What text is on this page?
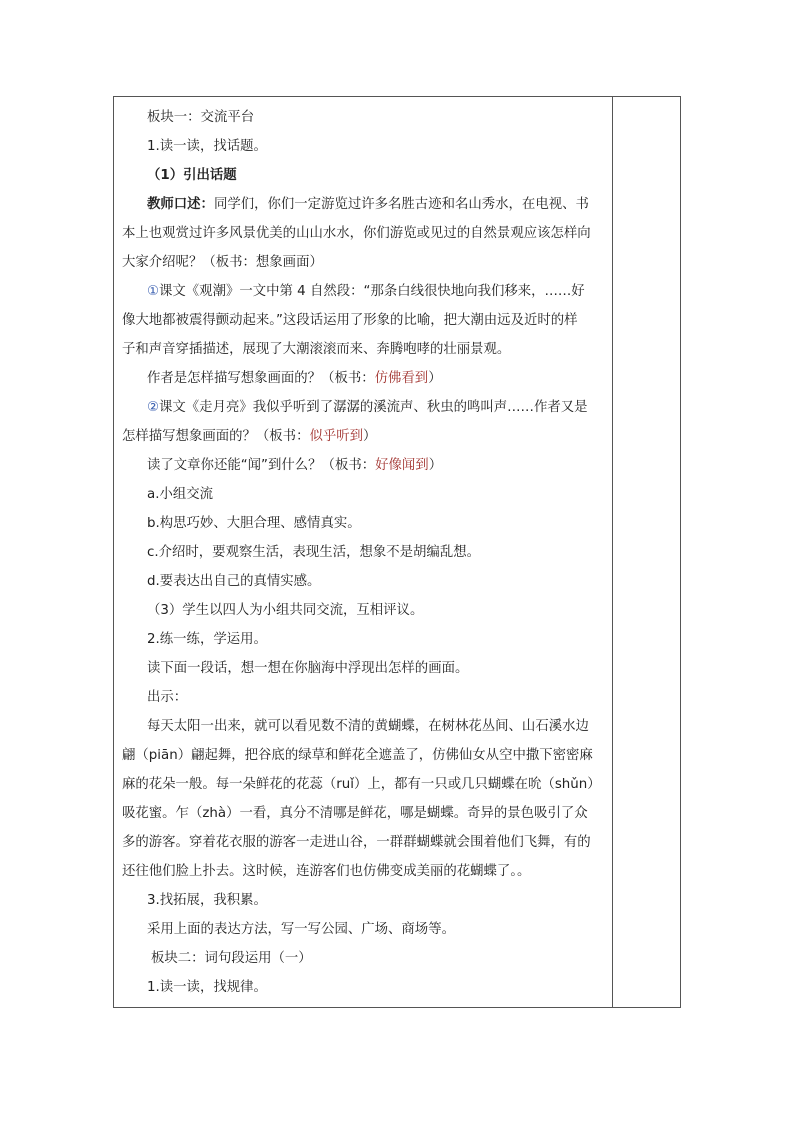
板块一：交流平台
1.读一读，找话题。
（1）引出话题
教师口述：同学们，你们一定游览过许多名胜古迹和名山秀水，在电视、书
本上也观赏过许多风景优美的山山水水，你们游览或见过的自然景观应该怎样向
大家介绍呢？（板书：想象画面）
①课文《观潮》一文中第 4 自然段：“那条白线很快地向我们移来，……好
像大地都被震得颤动起来。”这段话运用了形象的比喻，把大潮由远及近时的样
子和声音穿插描述，展现了大潮滚滚而来、奔腾咆哮的壮丽景观。
作者是怎样描写想象画面的？（板书：仿佛看到）
②课文《走月亮》我似乎听到了潺潺的溪流声、秋虫的鸣叫声……作者又是
怎样描写想象画面的？（板书：似乎听到）
读了文章你还能“闻”到什么？（板书：好像闻到）
a.小组交流
b.构思巧妙、大胆合理、感情真实。
c.介绍时，要观察生活，表现生活，想象不是胡编乱想。
d.要表达出自己的真情实感。
（3）学生以四人为小组共同交流，互相评议。
2.练一练，学运用。
读下面一段话，想一想在你脑海中浮现出怎样的画面。
出示：
每天太阳一出来，就可以看见数不清的黄蝴蝶，在树林花丛间、山石溪水边
翩（piān）翩起舞，把谷底的绿草和鲜花全遮盖了，仿佛仙女从空中撒下密密麻
麻的花朵一般。每一朵鲜花的花蕊（ruǐ）上，都有一只或几只蝴蝶在吮（shǔn）
吸花蜜。乍（zhà）一看，真分不清哪是鲜花，哪是蝴蝶。奇异的景色吸引了众
多的游客。穿着花衣服的游客一走进山谷，一群群蝴蝶就会围着他们飞舞，有的
还往他们脸上扑去。这时候，连游客们也仿佛变成美丽的花蝴蝶了。。
3.找拓展，我积累。
采用上面的表达方法，写一写公园、广场、商场等。
板块二：词句段运用（一）
1.读一读，找规律。
